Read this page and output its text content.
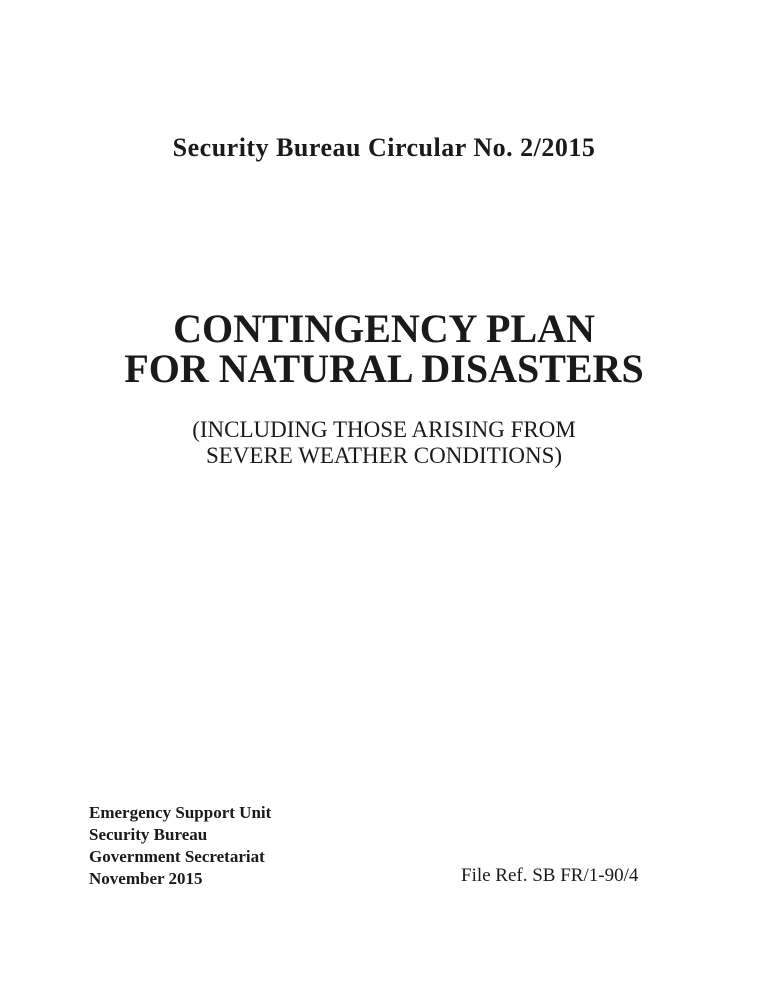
Security Bureau Circular No. 2/2015
CONTINGENCY PLAN
FOR NATURAL DISASTERS
(INCLUDING THOSE ARISING FROM
SEVERE WEATHER CONDITIONS)
Emergency Support Unit
Security Bureau
Government Secretariat
November 2015	File Ref. SB FR/1-90/4
